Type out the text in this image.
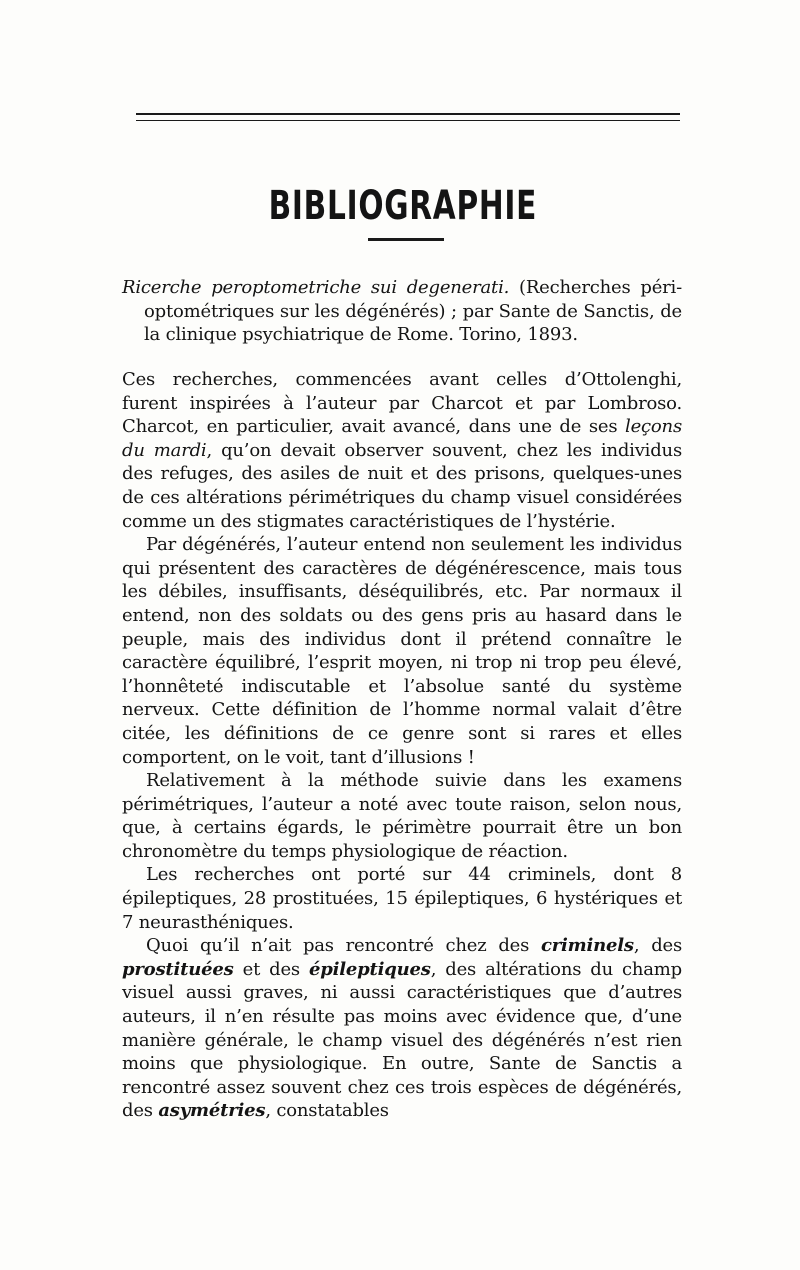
BIBLIOGRAPHIE
Ricerche peroptometriche sui degenerati. (Recherches péri-optométriques sur les dégénérés) ; par Sante de Sanctis, de la clinique psychiatrique de Rome. Torino, 1893.

Ces recherches, commencées avant celles d’Ottolenghi, furent inspirées à l’auteur par Charcot et par Lombroso. Charcot, en particulier, avait avancé, dans une de ses leçons du mardi, qu’on devait observer souvent, chez les individus des refuges, des asiles de nuit et des prisons, quelques-unes de ces altérations périmétriques du champ visuel considérées comme un des stigmates caractéristiques de l’hystérie.

Par dégénérés, l’auteur entend non seulement les individus qui présentent des caractères de dégénérescence, mais tous les débiles, insuffisants, déséquilibrés, etc. Par normaux il entend, non des soldats ou des gens pris au hasard dans le peuple, mais des individus dont il prétend connaître le caractère équilibré, l’esprit moyen, ni trop ni trop peu élevé, l’honnêteté indiscutable et l’absolue santé du système nerveux. Cette définition de l’homme normal valait d’être citée, les définitions de ce genre sont si rares et elles comportent, on le voit, tant d’illusions !

Relativement à la méthode suivie dans les examens périmétriques, l’auteur a noté avec toute raison, selon nous, que, à certains égards, le périmètre pourrait être un bon chronomètre du temps physiologique de réaction.

Les recherches ont porté sur 44 criminels, dont 8 épileptiques, 28 prostituées, 15 épileptiques, 6 hystériques et 7 neurasthéniques.

Quoi qu’il n’ait pas rencontré chez des criminels, des prostituées et des épileptiques, des altérations du champ visuel aussi graves, ni aussi caractéristiques que d’autres auteurs, il n’en résulte pas moins avec évidence que, d’une manière générale, le champ visuel des dégénérés n’est rien moins que physiologique. En outre, Sante de Sanctis a rencontré assez souvent chez ces trois espèces de dégénérés, des asymétries, constatables
